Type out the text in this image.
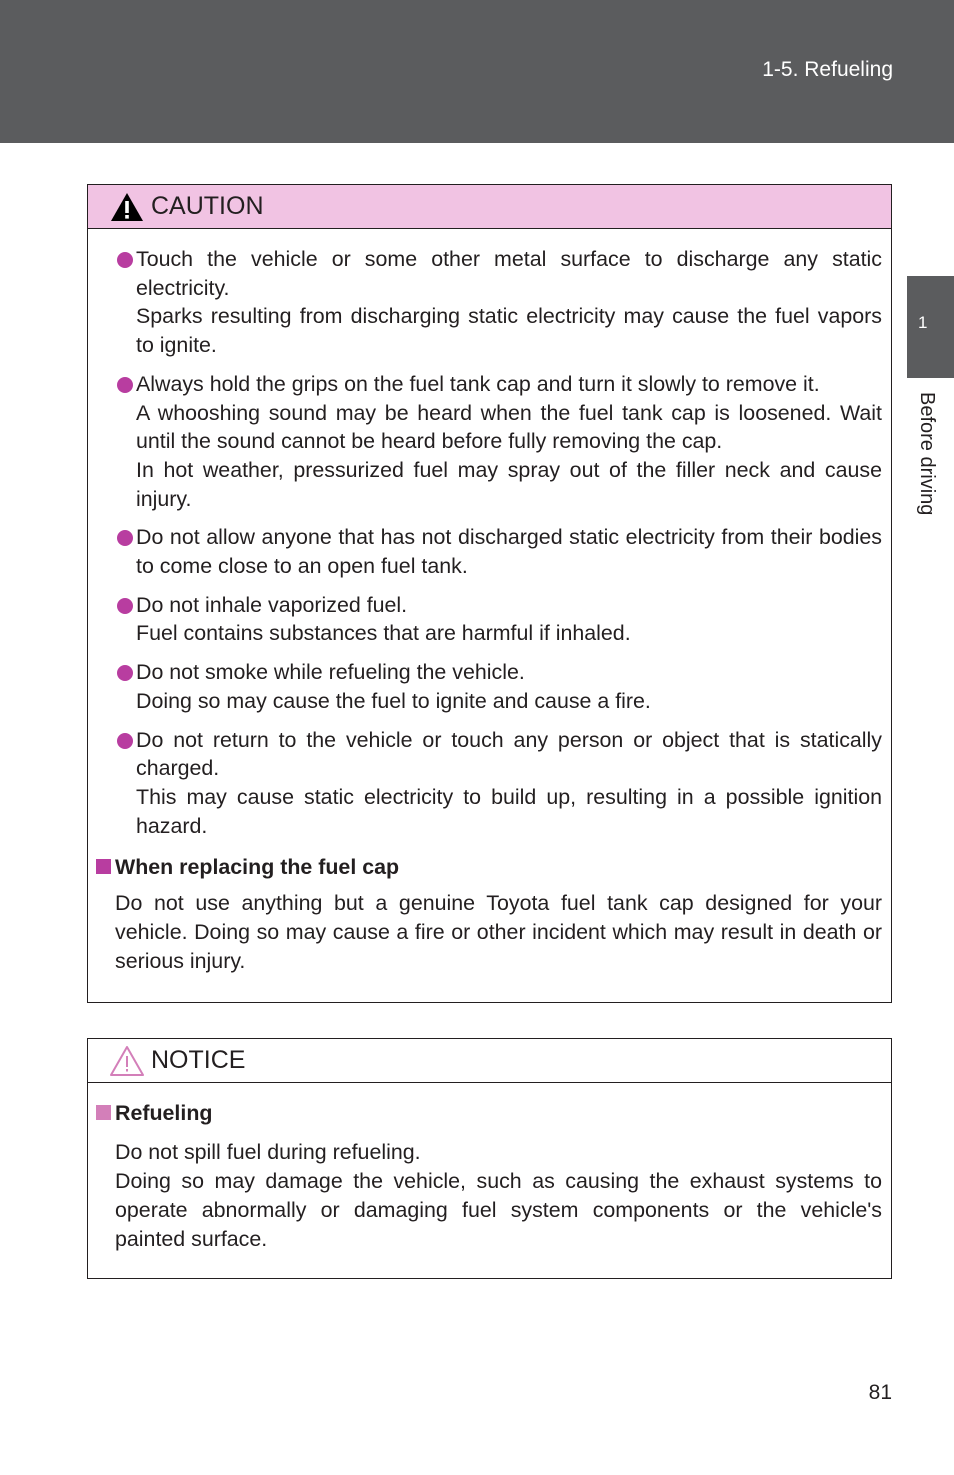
1-5. Refueling
1
Before driving
CAUTION

Touch the vehicle or some other metal surface to discharge any static electricity.

Sparks resulting from discharging static electricity may cause the fuel vapors to ignite.

Always hold the grips on the fuel tank cap and turn it slowly to remove it.

A whooshing sound may be heard when the fuel tank cap is loosened. Wait until the sound cannot be heard before fully removing the cap.

In hot weather, pressurized fuel may spray out of the filler neck and cause injury.

Do not allow anyone that has not discharged static electricity from their bodies to come close to an open fuel tank.

Do not inhale vaporized fuel.

Fuel contains substances that are harmful if inhaled.

Do not smoke while refueling the vehicle.

Doing so may cause the fuel to ignite and cause a fire.

Do not return to the vehicle or touch any person or object that is statically charged.

This may cause static electricity to build up, resulting in a possible ignition hazard.

When replacing the fuel cap

Do not use anything but a genuine Toyota fuel tank cap designed for your vehicle. Doing so may cause a fire or other incident which may result in death or serious injury.

NOTICE
Refueling

Do not spill fuel during refueling.

Doing so may damage the vehicle, such as causing the exhaust systems to operate abnormally or damaging fuel system components or the vehicle's painted surface.

81
